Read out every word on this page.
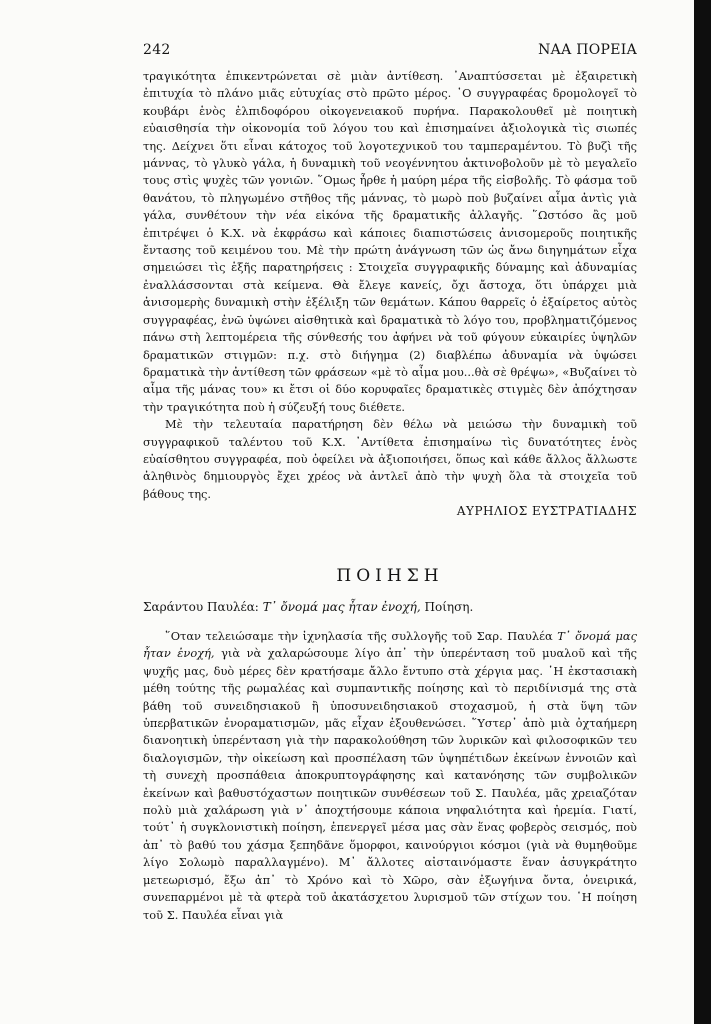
242	ΝΑΑ ΠΟΡΕΙΑ

τραγικότητα ἐπικεντρώνεται σὲ μιὰν ἀντίθεση. ᾿Αναπτύσσεται μὲ ἐξαιρετικὴ ἐπιτυχία τὸ πλάνο μιᾶς εὐτυχίας στὸ πρῶτο μέρος. ῾Ο συγγραφέας δρομολογεῖ τὸ κουβάρι ἑνὸς ἐλπιδοφόρου οἰκογενειακοῦ πυρήνα. Παρακολουθεῖ μὲ ποιητικὴ εὐαισθησία τὴν οἰκονομία τοῦ λόγου του καὶ ἐπισημαίνει ἀξιολογικὰ τὶς σιωπές της. Δείχνει ὅτι εἶναι κάτοχος τοῦ λογοτεχνικοῦ του ταμπεραμέντου. Τὸ βυζὶ τῆς μάννας, τὸ γλυκὸ γάλα, ἡ δυναμικὴ τοῦ νεογέννητου ἀκτινοβολοῦν μὲ τὸ μεγαλεῖο τους στὶς ψυχὲς τῶν γονιῶν. ῞Ομως ἦρθε ἡ μαύρη μέρα τῆς εἰσβολῆς. Τὸ φάσμα τοῦ θανάτου, τὸ πληγωμένο στῆθος τῆς μάννας, τὸ μωρὸ ποὺ βυζαίνει αἷμα ἀντὶς γιὰ γάλα, συνθέτουν τὴν νέα εἰκόνα τῆς δραματικῆς ἀλλαγῆς. ῞Ωστόσο ἂς μοῦ ἐπιτρέψει ὁ Κ.Χ. νὰ ἐκφράσω καὶ κάποιες διαπιστώσεις ἀνισομεροῦς ποιητικῆς ἔντασης τοῦ κειμένου του. Μὲ τὴν πρώτη ἀνάγνωση τῶν ὡς ἄνω διηγημάτων εἶχα σημειώσει τὶς ἑξῆς παρατηρήσεις : Στοιχεῖα συγγραφικῆς δύναμης καὶ ἀδυναμίας ἐναλλάσσονται στὰ κείμενα. Θὰ ἔλεγε κανείς, ὄχι ἄστοχα, ὅτι ὑπάρχει μιὰ ἀνισομερὴς δυναμικὴ στὴν ἐξέλιξη τῶν θεμάτων. Κάπου θαρρεῖς ὁ ἐξαίρετος αὐτὸς συγγραφέας, ἐνῶ ὑψώνει αἰσθητικὰ καὶ δραματικὰ τὸ λόγο του, προβληματιζόμενος πάνω στὴ λεπτομέρεια τῆς σύνθεσής του ἀφήνει νὰ τοῦ φύγουν εὐκαιρίες ὑψηλῶν δραματικῶν στιγμῶν: π.χ. στὸ διήγημα (2) διαβλέπω ἀδυναμία νὰ ὑψώσει δραματικὰ τὴν ἀντίθεση τῶν φράσεων «μὲ τὸ αἷμα μου...θὰ σὲ θρέψω», «Βυζαίνει τὸ αἷμα τῆς μάνας του» κι ἔτσι οἱ δύο κορυφαῖες δραματικὲς στιγμὲς δὲν ἀπόχτησαν τὴν τραγικότητα ποὺ ἡ σύζευξή τους διέθετε.

Μὲ τὴν τελευταία παρατήρηση δὲν θέλω νὰ μειώσω τὴν δυναμικὴ τοῦ συγγραφικοῦ ταλέντου τοῦ Κ.Χ. ᾿Αντίθετα ἐπισημαίνω τὶς δυνατότητες ἑνὸς εὐαίσθητου συγγραφέα, ποὺ ὀφείλει νὰ ἀξιοποιήσει, ὅπως καὶ κάθε ἄλλος ἄλλωστε ἀληθινὸς δημιουργὸς ἔχει χρέος νὰ ἀντλεῖ ἀπὸ τὴν ψυχὴ ὅλα τὰ στοιχεῖα τοῦ βάθους της.

ΑΥΡΗΛΙΟΣ ΕΥΣΤΡΑΤΙΑΔΗΣ
ΠΟΙΗΣΗ
Σαράντου Παυλέα: Τ᾿ ὄνομά μας ἦταν ἐνοχή, Ποίηση.

῞Οταν τελειώσαμε τὴν ἰχνηλασία τῆς συλλογῆς τοῦ Σαρ. Παυλέα Τ᾿ ὄνομά μας ἦταν ἐνοχή, γιὰ νὰ χαλαρώσουμε λίγο ἀπ᾿ τὴν ὑπερένταση τοῦ μυαλοῦ καὶ τῆς ψυχῆς μας, δυὸ μέρες δὲν κρατήσαμε ἄλλο ἔντυπο στὰ χέργια μας. ῾Η ἐκστασιακὴ μέθη τούτης τῆς ρωμαλέας καὶ συμπαντικῆς ποίησης καὶ τὸ περιδίνισμά της στὰ βάθη τοῦ συνειδησιακοῦ ἢ ὑποσυνειδησιακοῦ στοχασμοῦ, ἡ στὰ ὕψη τῶν ὑπερβατικῶν ἐνοραματισμῶν, μᾶς εἶχαν ἐξουθενώσει. ῞Υστερ᾿ ἀπὸ μιὰ ὀχταήμερη διανοητικὴ ὑπερένταση γιὰ τὴν παρακολούθηση τῶν λυρικῶν καὶ φιλοσοφικῶν τευ διαλογισμῶν, τὴν οἰκείωση καὶ προσπέλαση τῶν ὑψηπέτιδων ἐκείνων ἐννοιῶν καὶ τὴ συνεχὴ προσπάθεια ἀποκρυπτογράφησης καὶ κατανόησης τῶν συμβολικῶν ἐκείνων καὶ βαθυστόχαστων ποιητικῶν συνθέσεων τοῦ Σ. Παυλέα, μᾶς χρειαζόταν πολὺ μιὰ χαλάρωση γιὰ ν᾿ ἀποχτήσουμε κάποια νηφαλιότητα καὶ ἠρεμία. Γιατί, τούτ᾿ ἡ συγκλονιστικὴ ποίηση, ἐπενεργεῖ μέσα μας σὰν ἕνας φοβερὸς σεισμός, ποὺ ἀπ᾿ τὸ βαθύ του χάσμα ξεπηδᾶνε ὅμορφοι, καινούργιοι κόσμοι (γιὰ νὰ θυμηθοῦμε λίγο Σολωμὸ παραλλαγμένο). Μ᾿ ἄλλοτες αἰσταινόμαστε ἕναν ἀσυγκράτητο μετεωρισμό, ἔξω ἀπ᾿ τὸ Χρόνο καὶ τὸ Χῶρο, σὰν ἐξωγήινα ὄντα, ὀνειρικά, συνεπαρμένοι μὲ τὰ φτερὰ τοῦ ἀκατάσχετου λυρισμοῦ τῶν στίχων του. ῾Η ποίηση τοῦ Σ. Παυλέα εἶναι γιὰ
